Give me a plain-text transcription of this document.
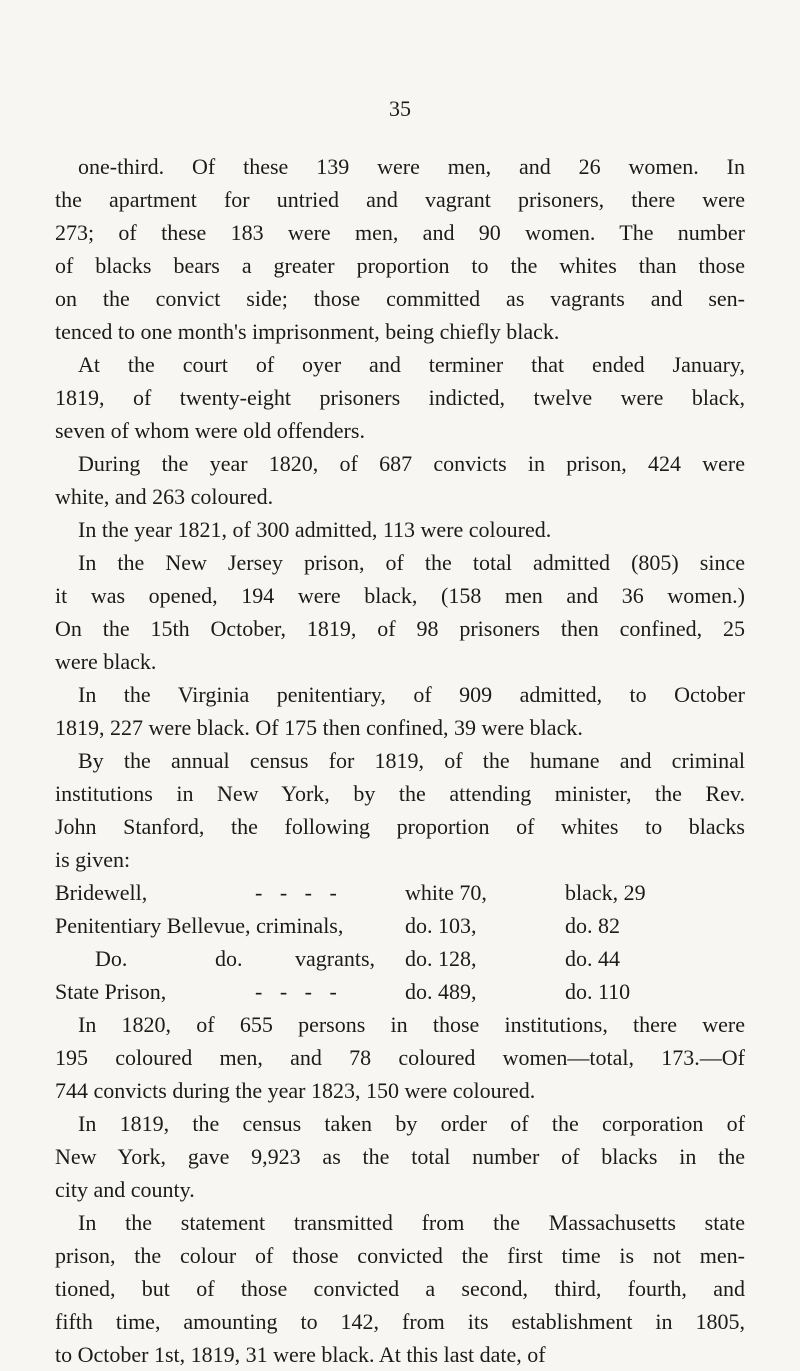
35
one-third. Of these 139 were men, and 26 women. In
the apartment for untried and vagrant prisoners, there were
273; of these 183 were men, and 90 women. The number
of blacks bears a greater proportion to the whites than those
on the convict side; those committed as vagrants and sen-
tenced to one month's imprisonment, being chiefly black.
At the court of oyer and terminer that ended January,
1819, of twenty-eight prisoners indicted, twelve were black,
seven of whom were old offenders.
During the year 1820, of 687 convicts in prison, 424 were
white, and 263 coloured.
In the year 1821, of 300 admitted, 113 were coloured.
In the New Jersey prison, of the total admitted (805) since
it was opened, 194 were black, (158 men and 36 women.)
On the 15th October, 1819, of 98 prisoners then confined, 25
were black.
In the Virginia penitentiary, of 909 admitted, to October
1819, 227 were black. Of 175 then confined, 39 were black.
By the annual census for 1819, of the humane and criminal
institutions in New York, by the attending minister, the Rev.
John Stanford, the following proportion of whites to blacks
is given:
Bridewell,	- - - -	white 70,	black, 29
Penitentiary Bellevue, criminals,	do. 103,	do. 82
Do.	do. vagrants, do. 128,	do. 44
State Prison,	- - - -	do. 489,	do. 110
In 1820, of 655 persons in those institutions, there were
195 coloured men, and 78 coloured women—total, 173.—Of
744 convicts during the year 1823, 150 were coloured.
In 1819, the census taken by order of the corporation of
New York, gave 9,923 as the total number of blacks in the
city and county.
In the statement transmitted from the Massachusetts state
prison, the colour of those convicted the first time is not men-
tioned, but of those convicted a second, third, fourth, and
fifth time, amounting to 142, from its establishment in 1805,
to October 1st, 1819, 31 were black. At this last date, of
